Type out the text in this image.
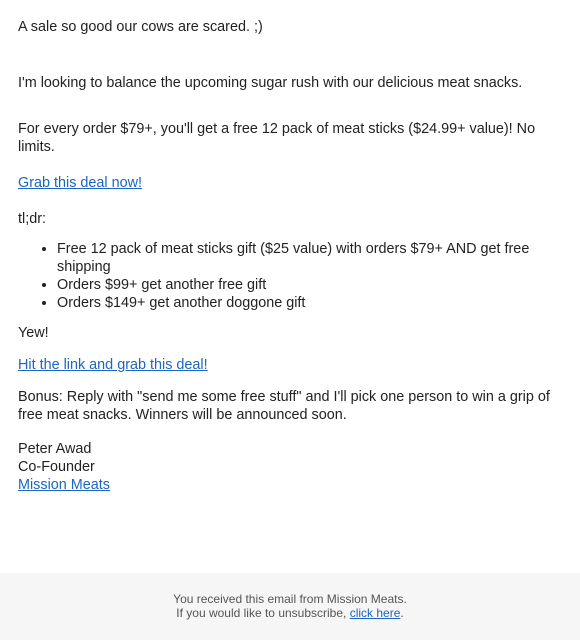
A sale so good our cows are scared. ;)

I'm looking to balance the upcoming sugar rush with our delicious meat snacks.

For every order $79+, you'll get a free 12 pack of meat sticks ($24.99+ value)! No limits.

Grab this deal now!

tl;dr:

• Free 12 pack of meat sticks gift ($25 value) with orders $79+ AND get free shipping
• Orders $99+ get another free gift
• Orders $149+ get another doggone gift

Yew!

Hit the link and grab this deal!

Bonus: Reply with "send me some free stuff" and I'll pick one person to win a grip of free meat snacks. Winners will be announced soon.

Peter Awad
Co-Founder
Mission Meats

You received this email from Mission Meats.
If you would like to unsubscribe, click here.
